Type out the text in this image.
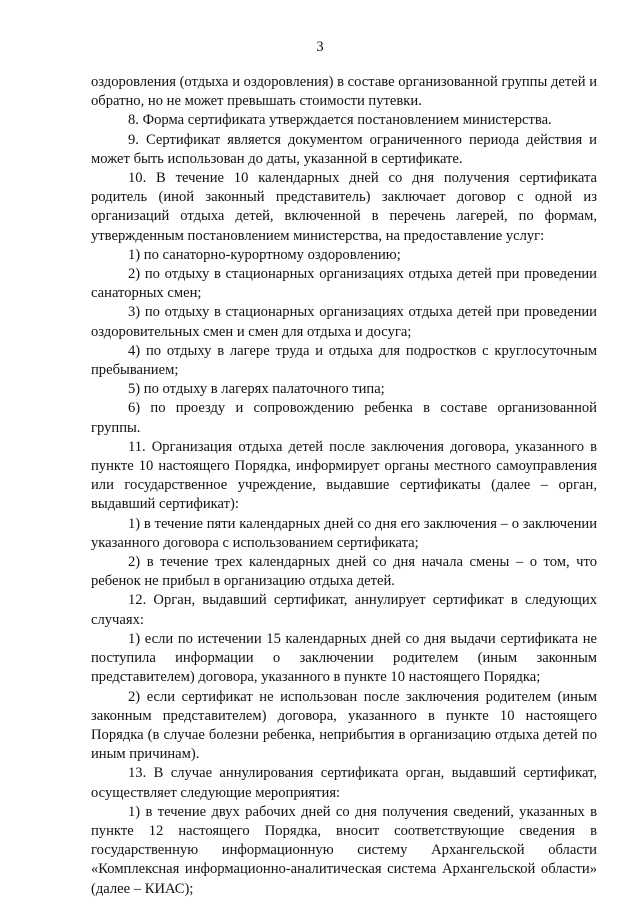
3

оздоровления (отдыха и оздоровления) в составе организованной группы детей и обратно, но не может превышать стоимости путевки.

8. Форма сертификата утверждается постановлением министерства.

9. Сертификат является документом ограниченного периода действия и может быть использован до даты, указанной в сертификате.

10. В течение 10 календарных дней со дня получения сертификата родитель (иной законный представитель) заключает договор с одной из организаций отдыха детей, включенной в перечень лагерей, по формам, утвержденным постановлением министерства, на предоставление услуг:

1) по санаторно-курортному оздоровлению;

2) по отдыху в стационарных организациях отдыха детей при проведении санаторных смен;

3) по отдыху в стационарных организациях отдыха детей при проведении оздоровительных смен и смен для отдыха и досуга;

4) по отдыху в лагере труда и отдыха для подростков с круглосуточным пребыванием;

5) по отдыху в лагерях палаточного типа;

6) по проезду и сопровождению ребенка в составе организованной группы.

11. Организация отдыха детей после заключения договора, указанного в пункте 10 настоящего Порядка, информирует органы местного самоуправления или государственное учреждение, выдавшие сертификаты (далее – орган, выдавший сертификат):

1) в течение пяти календарных дней со дня его заключения – о заключении указанного договора с использованием сертификата;

2) в течение трех календарных дней со дня начала смены – о том, что ребенок не прибыл в организацию отдыха детей.

12. Орган, выдавший сертификат, аннулирует сертификат в следующих случаях:

1) если по истечении 15 календарных дней со дня выдачи сертификата не поступила информации о заключении родителем (иным законным представителем) договора, указанного в пункте 10 настоящего Порядка;

2) если сертификат не использован после заключения родителем (иным законным представителем) договора, указанного в пункте 10 настоящего Порядка (в случае болезни ребенка, неприбытия в организацию отдыха детей по иным причинам).

13. В случае аннулирования сертификата орган, выдавший сертификат, осуществляет следующие мероприятия:

1) в течение двух рабочих дней со дня получения сведений, указанных в пункте 12 настоящего Порядка, вносит соответствующие сведения в государственную информационную систему Архангельской области «Комплексная информационно-аналитическая система Архангельской области» (далее – КИАС);
